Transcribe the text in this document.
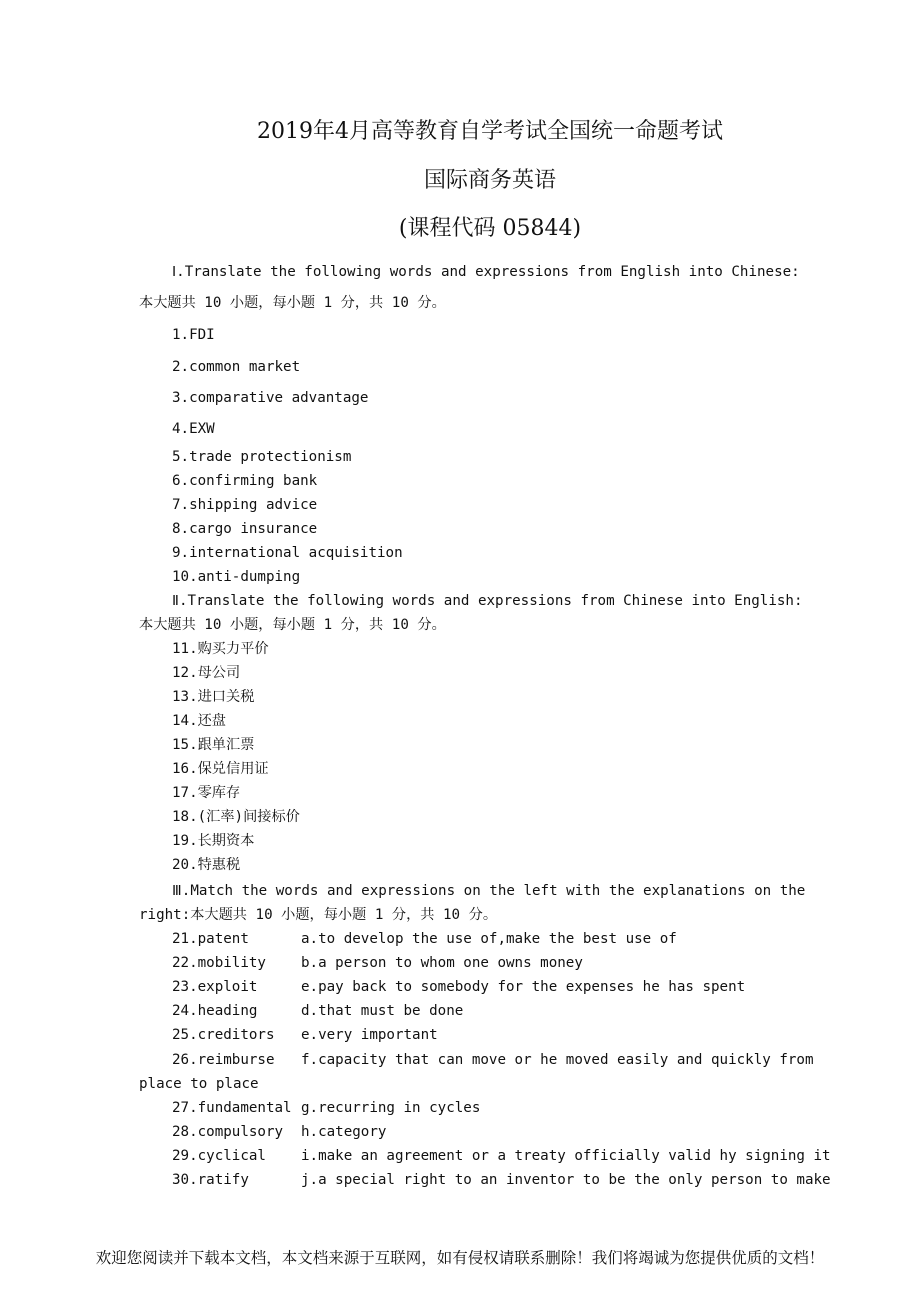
2019年4月高等教育自学考试全国统一命题考试
国际商务英语
(课程代码 05844)
Ⅰ.Translate the following words and expressions from English into Chinese:
本大题共 10 小题，每小题 1 分，共 10 分。
1.FDI
2.common market
3.comparative advantage
4.EXW
5.trade protectionism
6.confirming bank
7.shipping advice
8.cargo insurance
9.international acquisition
10.anti-dumping
Ⅱ.Translate the following words and expressions from Chinese into English:
本大题共 10 小题，每小题 1 分，共 10 分。
11.购买力平价
12.母公司
13.进口关税
14.还盘
15.跟单汇票
16.保兑信用证
17.零库存
18.(汇率)间接标价
19.长期资本
20.特惠税
Ⅲ.Match the words and expressions on the left with the explanations on the
right:本大题共 10 小题，每小题 1 分，共 10 分。
21.patent	a.to develop the use of,make the best use of
22.mobility b.a person to whom one owns money
23.exploit	e.pay back to somebody for the expenses he has spent
24.heading	d.that must be done
25.creditors e.very important
26.reimburse f.capacity that can move or he moved easily and quickly from
place to place
27.fundamental g.recurring in cycles
28.compulsory h.category
29.cyclical i.make an agreement or a treaty officially valid hy signing it
30.ratify	j.a special right to an inventor to be the only person to make
欢迎您阅读并下载本文档，本文档来源于互联网，如有侵权请联系删除！我们将竭诚为您提供优质的文档！
